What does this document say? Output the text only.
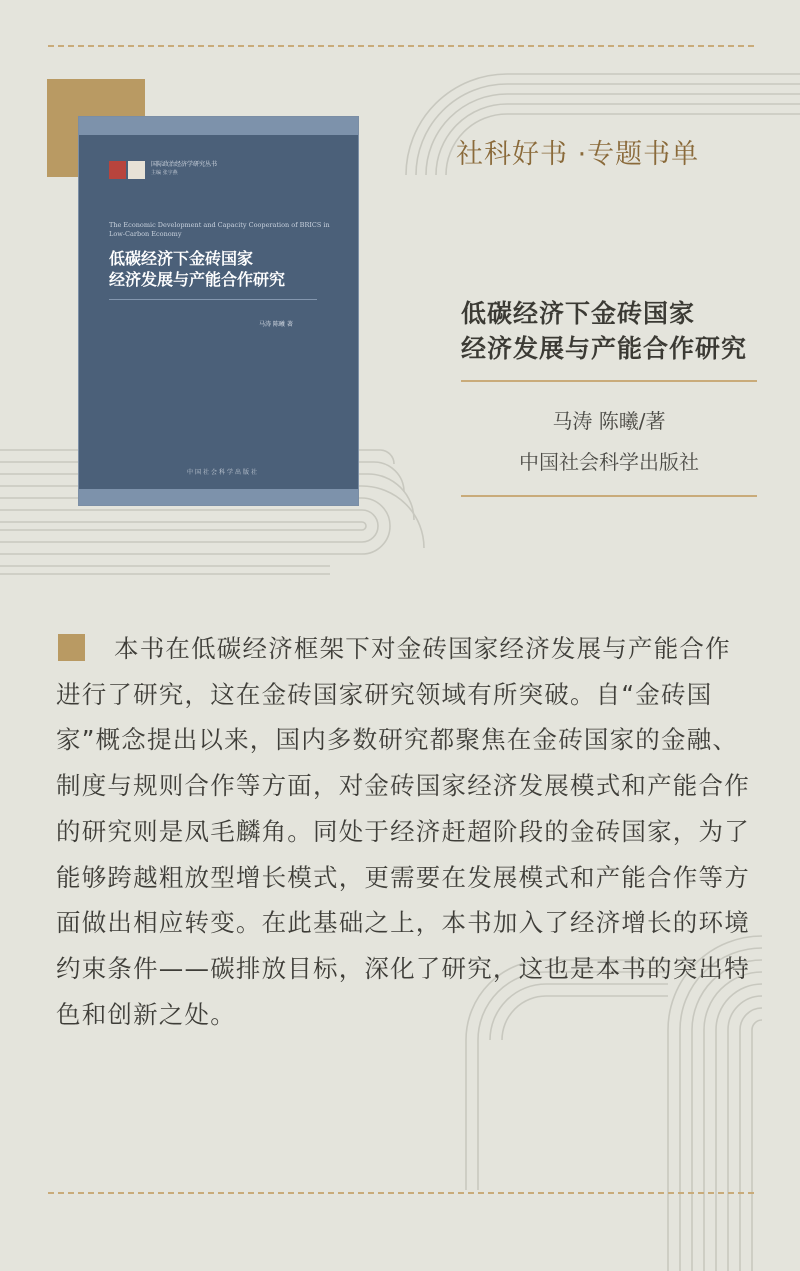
国际政治经济学研究丛书
主编 张宇燕
The Economic Development and Capacity Cooperation of BRICS in Low-Carbon Economy
低碳经济下金砖国家
经济发展与产能合作研究
马涛 陈曦 著
中国社会科学出版社
社科好书 ·专题书单
低碳经济下金砖国家
经济发展与产能合作研究
马涛 陈曦/著
中国社会科学出版社
本书在低碳经济框架下对金砖国家经济发展与产能合作进行了研究，这在金砖国家研究领域有所突破。自“金砖国家”概念提出以来，国内多数研究都聚焦在金砖国家的金融、制度与规则合作等方面，对金砖国家经济发展模式和产能合作的研究则是凤毛麟角。同处于经济赶超阶段的金砖国家，为了能够跨越粗放型增长模式，更需要在发展模式和产能合作等方面做出相应转变。在此基础之上，本书加入了经济增长的环境约束条件——碳排放目标，深化了研究，这也是本书的突出特色和创新之处。
